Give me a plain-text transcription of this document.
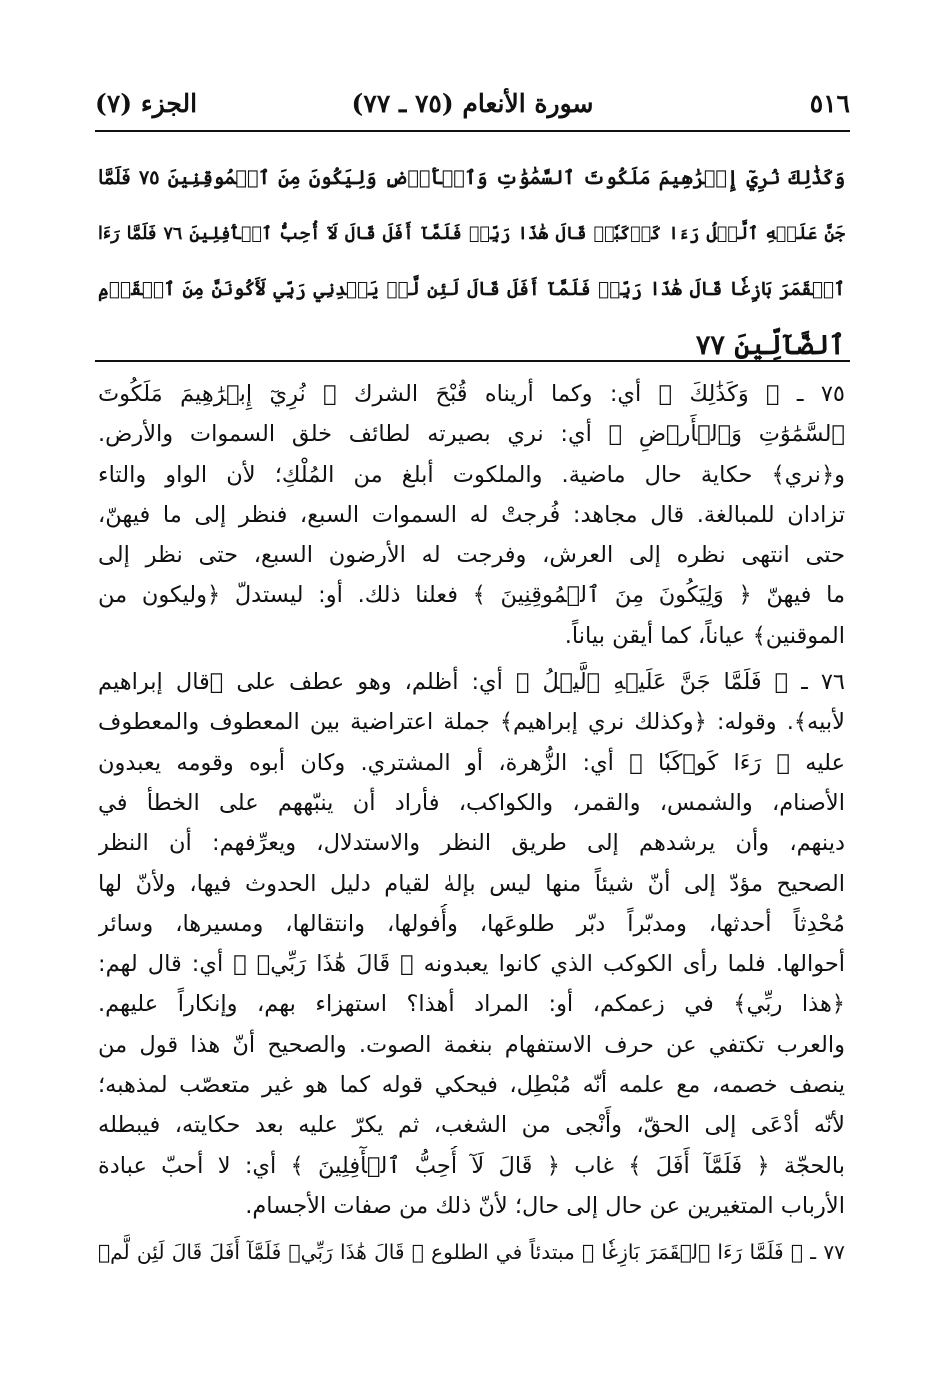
٥١٦
سورة الأنعام (٧٥ ـ ٧٧)
الجزء (٧)
وَكَذَٰلِكَ نُرِيٓ إِبۡرَٰهِيمَ مَلَكُوتَ ٱلسَّمَٰوَٰتِ وَٱلۡأَرۡضِ وَلِيَكُونَ مِنَ ٱلۡمُوقِنِينَ ٧٥ فَلَمَّا
جَنَّ عَلَيۡهِ ٱلَّيۡلُ رَءَا كَوۡكَبٗاۖ قَالَ هَٰذَا رَبِّيۖ فَلَمَّآ أَفَلَ قَالَ لَآ أُحِبُّ ٱلۡأٓفِلِينَ ٧٦ فَلَمَّا رَءَا
ٱلۡقَمَرَ بَازِغٗا قَالَ هَٰذَا رَبِّيۖ فَلَمَّآ أَفَلَ قَالَ لَئِن لَّمۡ يَهۡدِنِي رَبِّي لَأَكُونَنَّ مِنَ ٱلۡقَوۡمِ
ٱلضَّآلِّينَ ٧٧
٧٥ ـ ﴿ وَكَذَٰلِكَ ﴾ أي: وكما أريناه قُبْحَ الشرك ﴿ نُرِيٓ إِبۡرَٰهِيمَ مَلَكُوتَ
ٱلسَّمَٰوَٰتِ وَٱلۡأَرۡضِ ﴾ أي: نري بصيرته لطائف خلق السموات والأرض.
و﴿نري﴾ حكاية حال ماضية. والملكوت أبلغ من المُلْكِ؛ لأن الواو والتاء
تزادان للمبالغة. قال مجاهد: فُرجتْ له السموات السبع، فنظر إلى ما فيهنّ،
حتى انتهى نظره إلى العرش، وفرجت له الأرضون السبع، حتى نظر إلى
ما فيهنّ ﴿ وَلِيَكُونَ مِنَ ٱلۡمُوقِنِينَ ﴾ فعلنا ذلك. أو: ليستدلّ ﴿وليكون من
الموقنين﴾ عياناً، كما أيقن بياناً.
٧٦ ـ ﴿ فَلَمَّا جَنَّ عَلَيۡهِ ٱلَّيۡلُ ﴾ أي: أظلم، وهو عطف على ﴿قال إبراهيم
لأبيه﴾. وقوله: ﴿وكذلك نري إبراهيم﴾ جملة اعتراضية بين المعطوف والمعطوف
عليه ﴿ رَءَا كَوۡكَبٗا ﴾ أي: الزُّهرة، أو المشتري. وكان أبوه وقومه يعبدون
الأصنام، والشمس، والقمر، والكواكب، فأراد أن ينبّههم على الخطأ في
دينهم، وأن يرشدهم إلى طريق النظر والاستدلال، ويعرِّفهم: أن النظر
الصحيح مؤدّ إلى أنّ شيئاً منها ليس بإلهٰ لقيام دليل الحدوث فيها، ولأنّ لها
مُحْدِثاً أحدثها، ومدبّراً دبّر طلوعَها، وأُفولها، وانتقالها، ومسيرها، وسائر
أحوالها. فلما رأى الكوكب الذي كانوا يعبدونه ﴿ قَالَ هَٰذَا رَبِّيۖ ﴾ أي: قال لهم:
﴿هذا ربِّي﴾ في زعمكم، أو: المراد أهذا؟ استهزاء بهم، وإنكاراً عليهم.
والعرب تكتفي عن حرف الاستفهام بنغمة الصوت. والصحيح أنّ هذا قول من
ينصف خصمه، مع علمه أنّه مُبْطِل، فيحكي قوله كما هو غير متعصّب لمذهبه؛
لأنّه أدْعَى إلى الحقّ، وأَنْجى من الشغب، ثم يكرّ عليه بعد حكايته، فيبطله
بالحجّة ﴿ فَلَمَّآ أَفَلَ ﴾ غاب ﴿ قَالَ لَآ أُحِبُّ ٱلۡأٓفِلِينَ ﴾ أي: لا أحبّ عبادة
الأرباب المتغيرين عن حال إلى حال؛ لأنّ ذلك من صفات الأجسام.
٧٧ ـ ﴿ فَلَمَّا رَءَا ٱلۡقَمَرَ بَازِغٗا ﴾ مبتدئاً في الطلوع ﴿ قَالَ هَٰذَا رَبِّيۖ فَلَمَّآ أَفَلَ قَالَ لَئِن لَّمۡ
